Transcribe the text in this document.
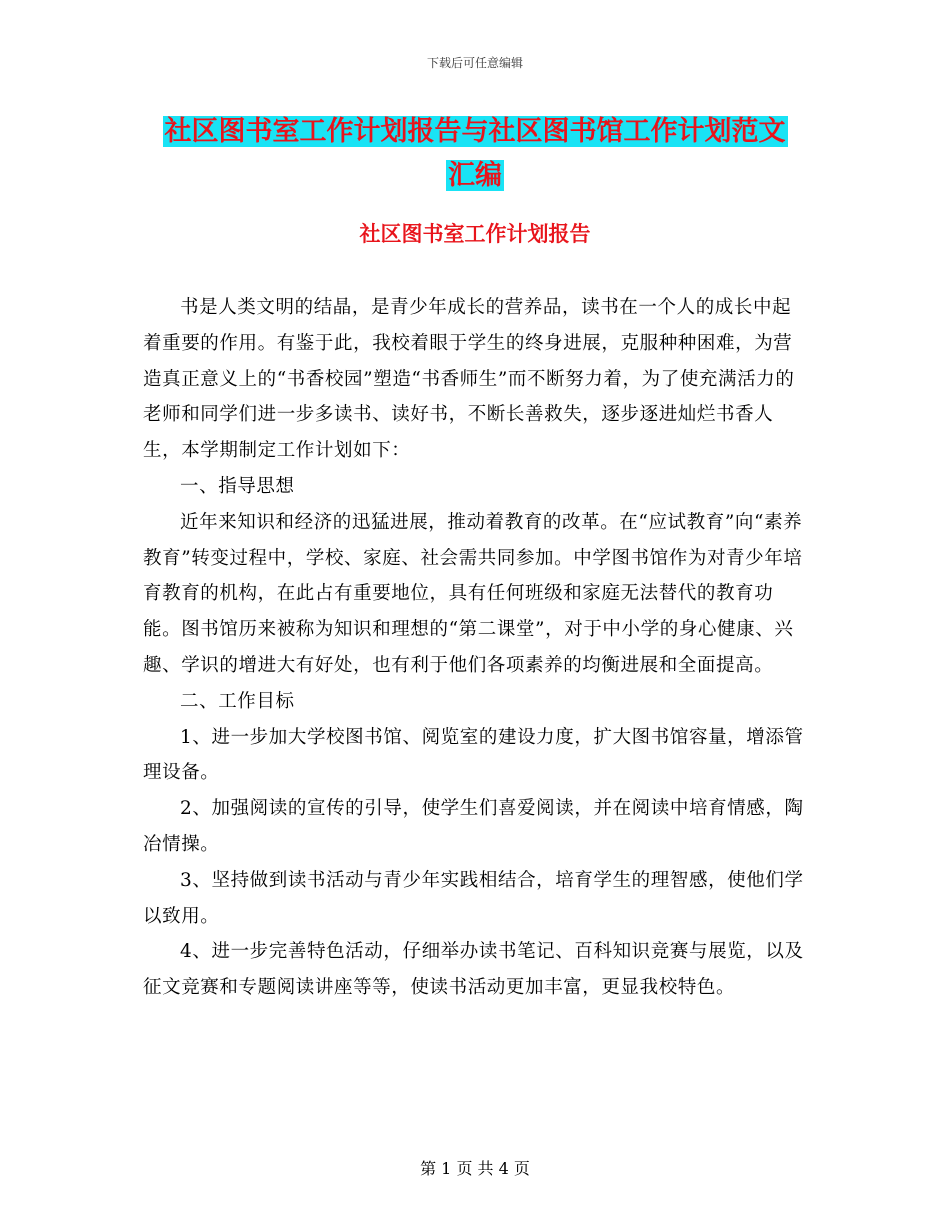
下载后可任意编辑
社区图书室工作计划报告与社区图书馆工作计划范文
汇编
社区图书室工作计划报告

书是人类文明的结晶，是青少年成长的营养品，读书在一个人的成长中起着重要的作用。有鉴于此，我校着眼于学生的终身进展，克服种种困难，为营造真正意义上的“书香校园”塑造“书香师生”而不断努力着，为了使充满活力的老师和同学们进一步多读书、读好书，不断长善救失，逐步逐进灿烂书香人生，本学期制定工作计划如下：

一、指导思想

近年来知识和经济的迅猛进展，推动着教育的改革。在“应试教育”向“素养教育”转变过程中，学校、家庭、社会需共同参加。中学图书馆作为对青少年培育教育的机构，在此占有重要地位，具有任何班级和家庭无法替代的教育功能。图书馆历来被称为知识和理想的“第二课堂”，对于中小学的身心健康、兴趣、学识的增进大有好处，也有利于他们各项素养的均衡进展和全面提高。

二、工作目标

1、进一步加大学校图书馆、阅览室的建设力度，扩大图书馆容量，增添管理设备。

2、加强阅读的宣传的引导，使学生们喜爱阅读，并在阅读中培育情感，陶冶情操。

3、坚持做到读书活动与青少年实践相结合，培育学生的理智感，使他们学以致用。

4、进一步完善特色活动，仔细举办读书笔记、百科知识竞赛与展览，以及征文竞赛和专题阅读讲座等等，使读书活动更加丰富，更显我校特色。

第 1 页 共 4 页
